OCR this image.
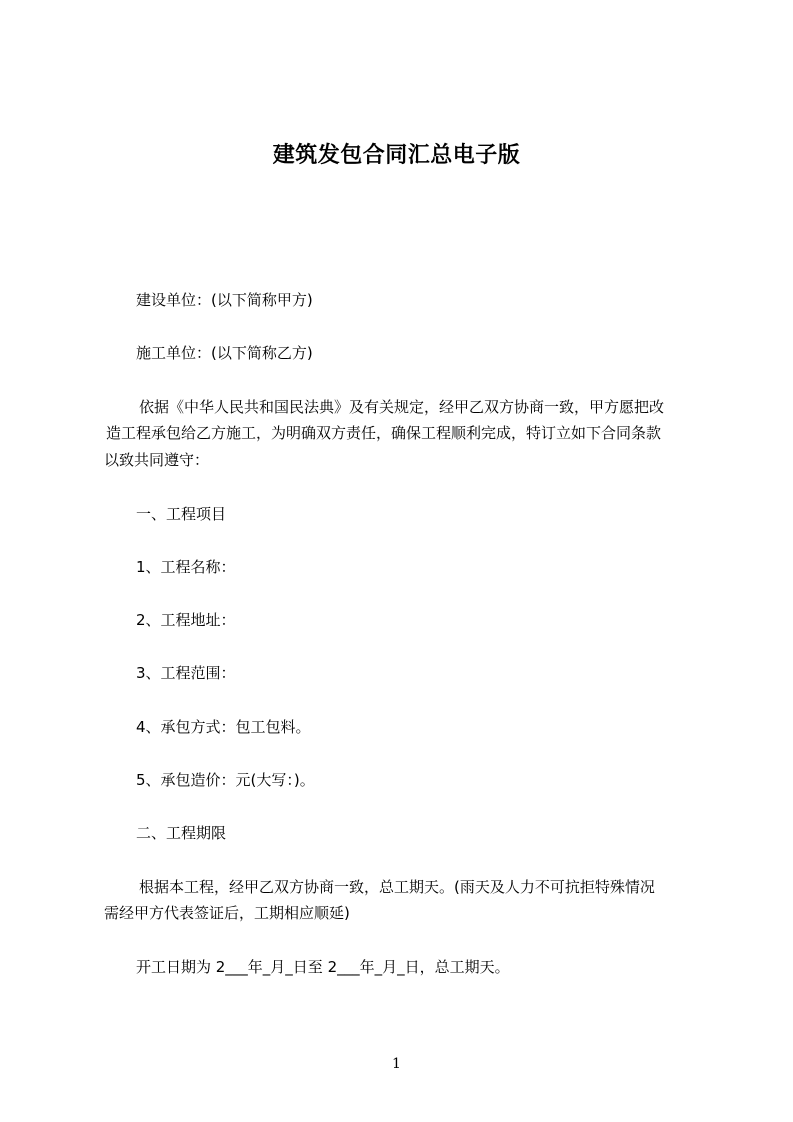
建筑发包合同汇总电子版
建设单位：(以下简称甲方)
施工单位：(以下简称乙方)
依据《中华人民共和国民法典》及有关规定，经甲乙双方协商一致，甲方愿把改
造工程承包给乙方施工，为明确双方责任，确保工程顺利完成，特订立如下合同条款
以致共同遵守：
一、工程项目
1、工程名称：
2、工程地址：
3、工程范围：
4、承包方式：包工包料。
5、承包造价：元(大写：)。
二、工程期限
根据本工程，经甲乙双方协商一致，总工期天。(雨天及人力不可抗拒特殊情况
需经甲方代表签证后，工期相应顺延)
开工日期为 2___年_月_日至 2___年_月_日，总工期天。
1
